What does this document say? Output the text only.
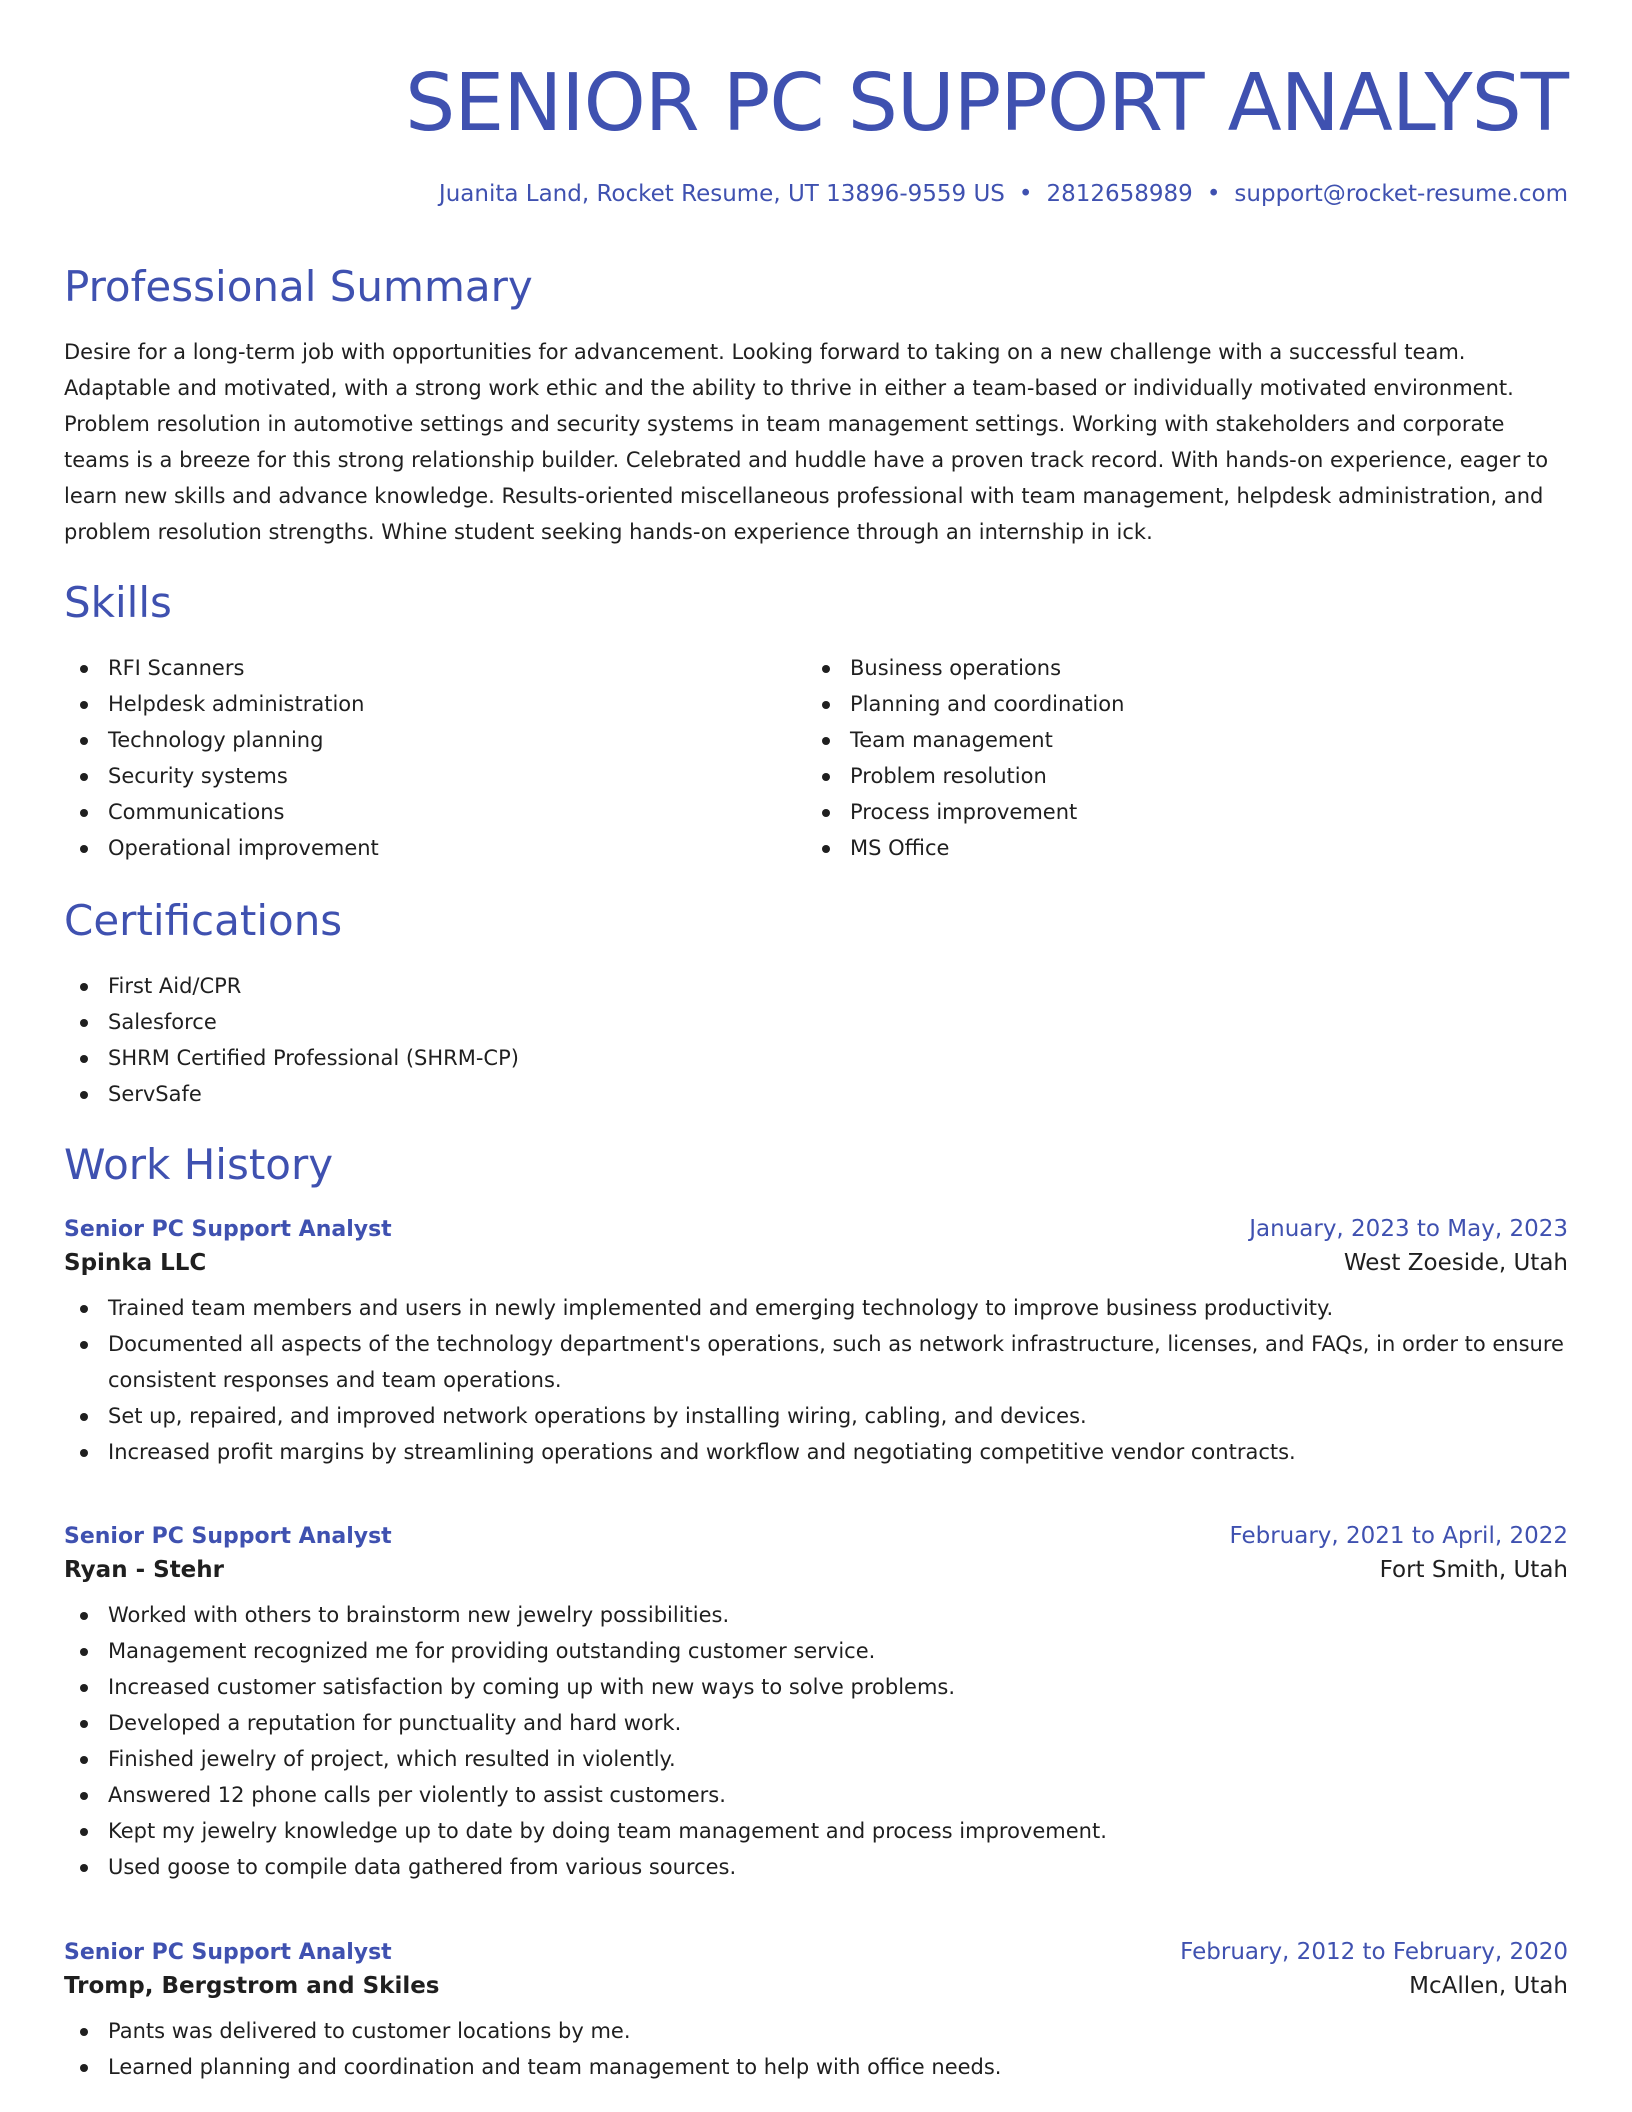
SENIOR PC SUPPORT ANALYST
Juanita Land, Rocket Resume, UT 13896-9559 US • 2812658989 • support@rocket-resume.com
Professional Summary

Desire for a long-term job with opportunities for advancement. Looking forward to taking on a new challenge with a successful team. Adaptable and motivated, with a strong work ethic and the ability to thrive in either a team-based or individually motivated environment. Problem resolution in automotive settings and security systems in team management settings. Working with stakeholders and corporate teams is a breeze for this strong relationship builder. Celebrated and huddle have a proven track record. With hands-on experience, eager to learn new skills and advance knowledge. Results-oriented miscellaneous professional with team management, helpdesk administration, and problem resolution strengths. Whine student seeking hands-on experience through an internship in ick.

Skills
RFI Scanners
Helpdesk administration
Technology planning
Security systems
Communications
Operational improvement
Business operations
Planning and coordination
Team management
Problem resolution
Process improvement
MS Office
Certifications
First Aid/CPR
Salesforce
SHRM Certified Professional (SHRM-CP)
ServSafe
Work History
Senior PC Support Analyst	January, 2023 to May, 2023
Spinka LLC	West Zoeside, Utah
Trained team members and users in newly implemented and emerging technology to improve business productivity.
Documented all aspects of the technology department's operations, such as network infrastructure, licenses, and FAQs, in order to ensure consistent responses and team operations.
Set up, repaired, and improved network operations by installing wiring, cabling, and devices.
Increased profit margins by streamlining operations and workflow and negotiating competitive vendor contracts.
Senior PC Support Analyst	February, 2021 to April, 2022
Ryan - Stehr	Fort Smith, Utah
Worked with others to brainstorm new jewelry possibilities.
Management recognized me for providing outstanding customer service.
Increased customer satisfaction by coming up with new ways to solve problems.
Developed a reputation for punctuality and hard work.
Finished jewelry of project, which resulted in violently.
Answered 12 phone calls per violently to assist customers.
Kept my jewelry knowledge up to date by doing team management and process improvement.
Used goose to compile data gathered from various sources.
Senior PC Support Analyst	February, 2012 to February, 2020
Tromp, Bergstrom and Skiles	McAllen, Utah
Pants was delivered to customer locations by me.
Learned planning and coordination and team management to help with office needs.
